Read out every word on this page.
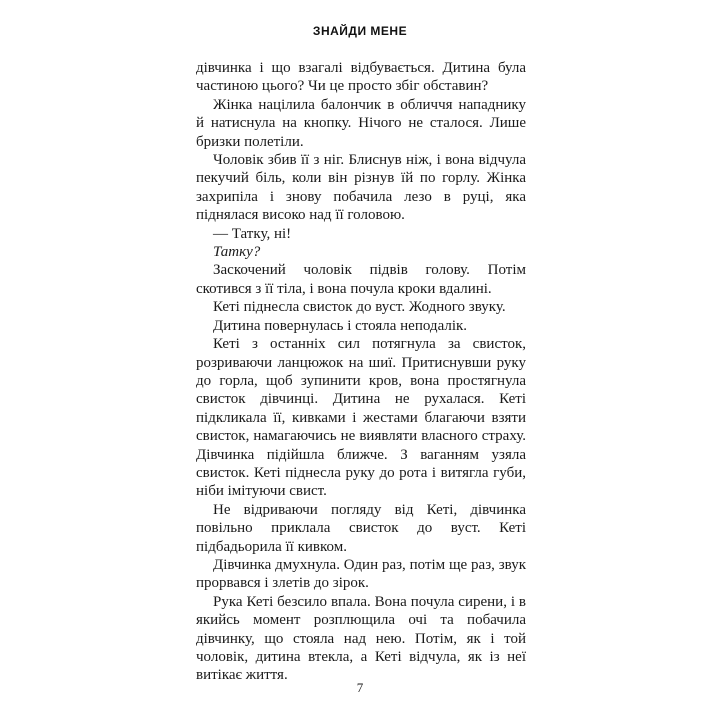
ЗНАЙДИ МЕНЕ

дівчинка і що взагалі відбувається. Дитина була частиною цього? Чи це просто збіг обставин?

Жінка націлила балончик в обличчя нападнику й натиснула на кнопку. Нічого не сталося. Лише бризки полетіли.

Чоловік збив її з ніг. Блиснув ніж, і вона відчула пекучий біль, коли він різнув їй по горлу. Жінка захрипіла і знову побачила лезо в руці, яка піднялася високо над її головою.

— Татку, ні!

Татку?

Заскочений чоловік підвів голову. Потім скотився з її тіла, і вона почула кроки вдалині.

Кеті піднесла свисток до вуст. Жодного звуку.

Дитина повернулась і стояла неподалік.

Кеті з останніх сил потягнула за свисток, розриваючи ланцюжок на шиї. Притиснувши руку до горла, щоб зупинити кров, вона простягнула свисток дівчинці. Дитина не рухалася. Кеті підкликала її, кивками і жестами благаючи взяти свисток, намагаючись не виявляти власного страху. Дівчинка підійшла ближче. З ваганням узяла свисток. Кеті піднесла руку до рота і витягла губи, ніби імітуючи свист.

Не відриваючи погляду від Кеті, дівчинка повільно приклала свисток до вуст. Кеті підбадьорила її кивком.

Дівчинка дмухнула. Один раз, потім ще раз, звук прорвався і злетів до зірок.

Рука Кеті безсило впала. Вона почула сирени, і в якийсь момент розплющила очі та побачила дівчинку, що стояла над нею. Потім, як і той чоловік, дитина втекла, а Кеті відчула, як із неї витікає життя.

7
